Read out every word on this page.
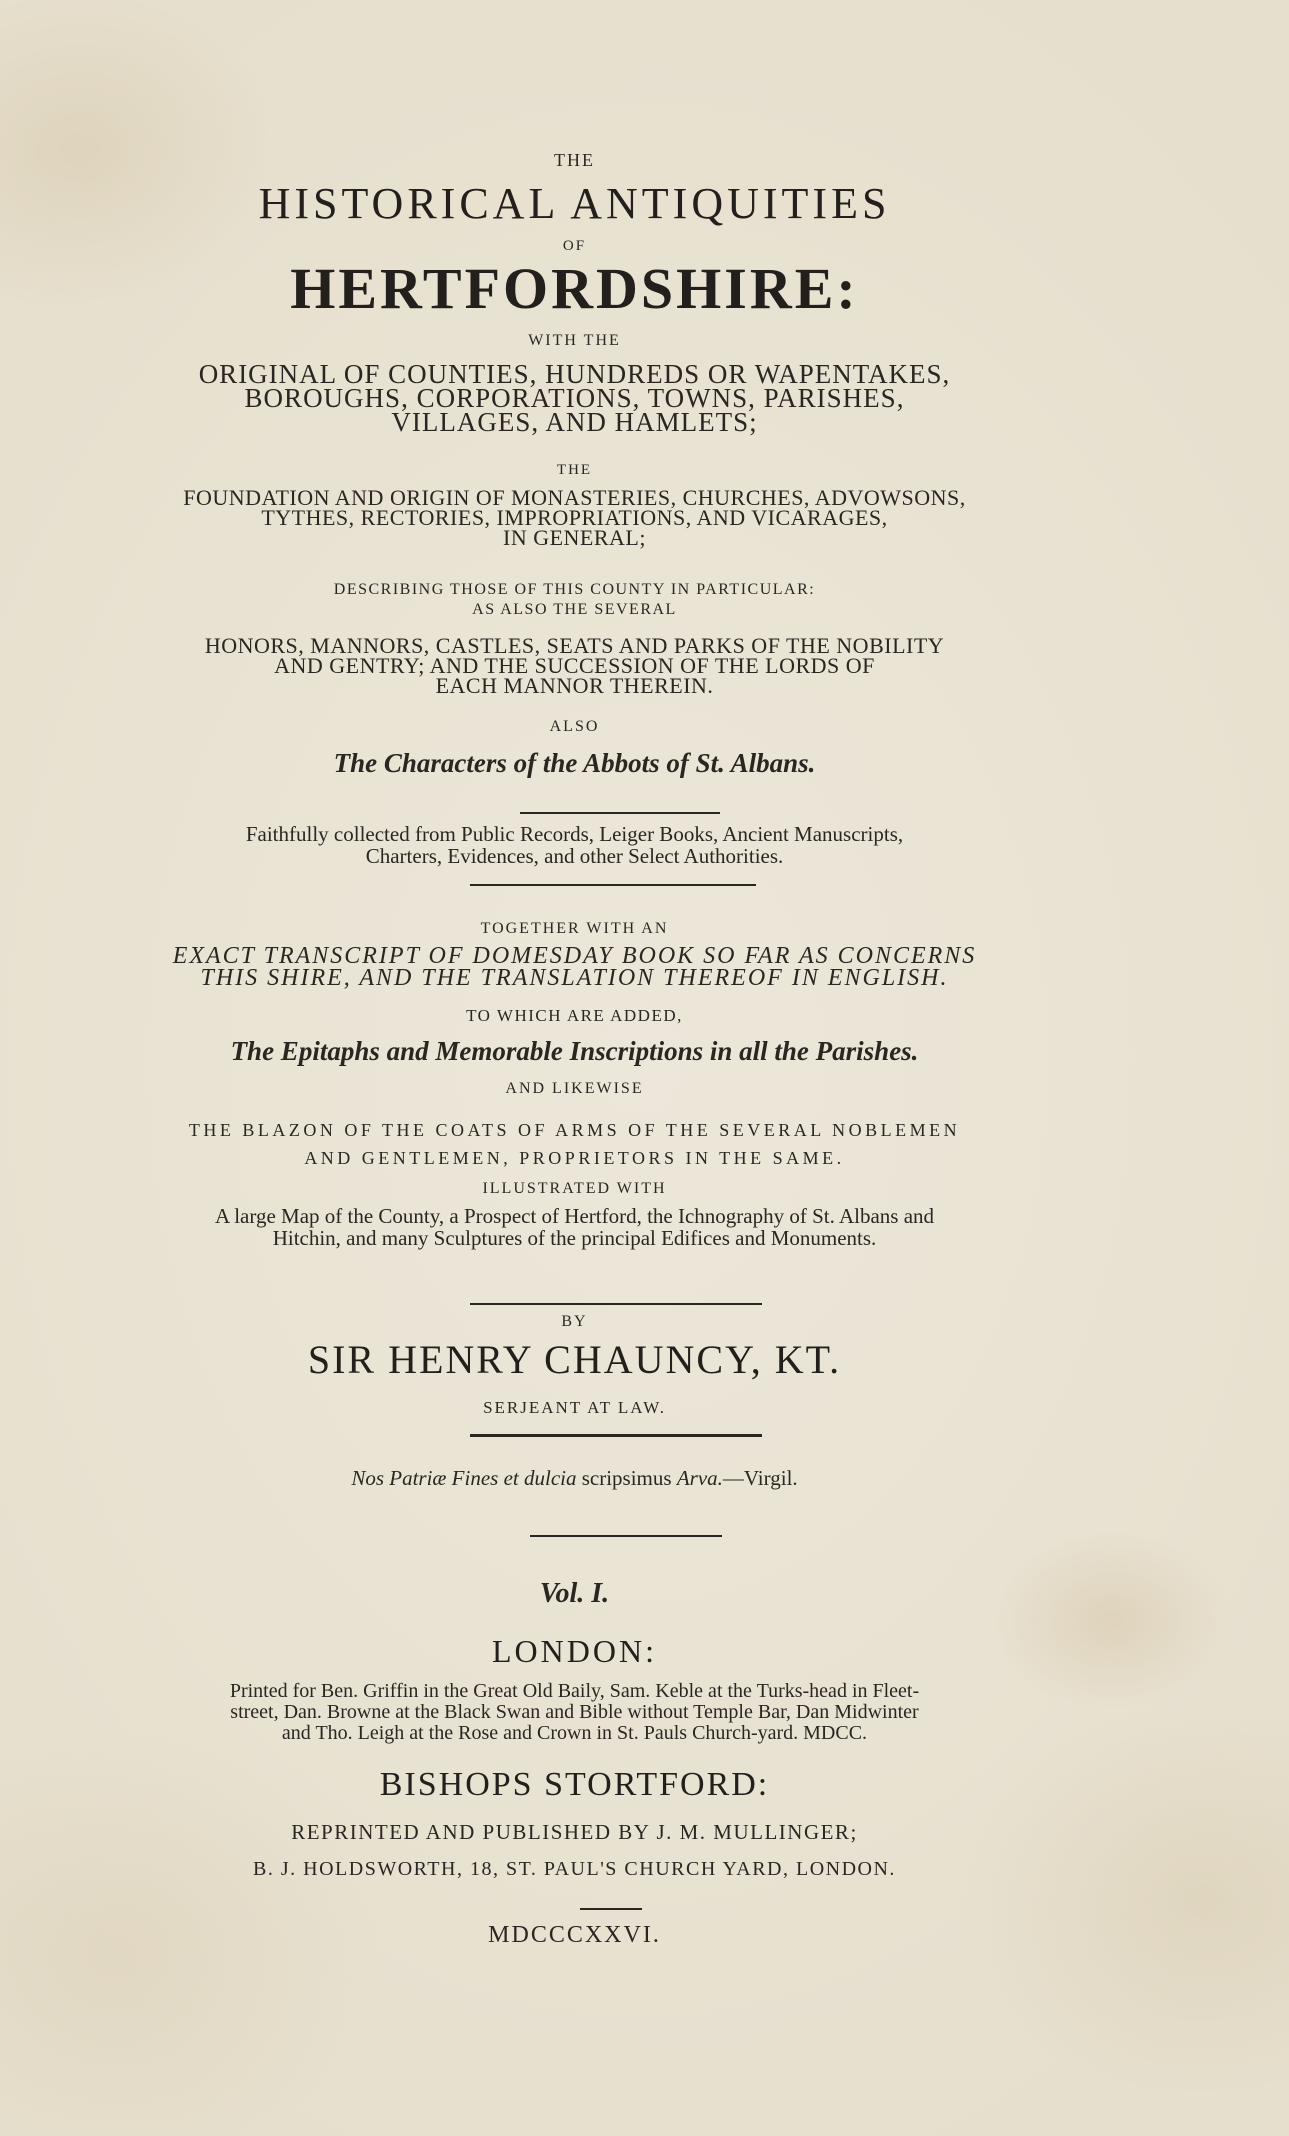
THE

HISTORICAL ANTIQUITIES

OF

HERTFORDSHIRE:

WITH THE

ORIGINAL OF COUNTIES, HUNDREDS OR WAPENTAKES,
BOROUGHS, CORPORATIONS, TOWNS, PARISHES,
VILLAGES, AND HAMLETS;

THE

FOUNDATION AND ORIGIN OF MONASTERIES, CHURCHES, ADVOWSONS,
TYTHES, RECTORIES, IMPROPRIATIONS, AND VICARAGES,
IN GENERAL;
DESCRIBING THOSE OF THIS COUNTY IN PARTICULAR:
AS ALSO THE SEVERAL
HONORS, MANNORS, CASTLES, SEATS AND PARKS OF THE NOBILITY
AND GENTRY; AND THE SUCCESSION OF THE LORDS OF
EACH MANNOR THEREIN.

ALSO

The Characters of the Abbots of St. Albans.

Faithfully collected from Public Records, Leiger Books, Ancient Manuscripts,
Charters, Evidences, and other Select Authorities.

TOGETHER WITH AN

EXACT TRANSCRIPT OF DOMESDAY BOOK SO FAR AS CONCERNS
THIS SHIRE, AND THE TRANSLATION THEREOF IN ENGLISH.

TO WHICH ARE ADDED,

The Epitaphs and Memorable Inscriptions in all the Parishes.

AND LIKEWISE

THE BLAZON OF THE COATS OF ARMS OF THE SEVERAL NOBLEMEN
AND GENTLEMEN, PROPRIETORS IN THE SAME.

ILLUSTRATED WITH

A large Map of the County, a Prospect of Hertford, the Ichnography of St. Albans and
Hitchin, and many Sculptures of the principal Edifices and Monuments.

BY

SIR HENRY CHAUNCY, KT.

SERJEANT AT LAW.

Nos Patriæ Fines et dulcia scripsimus Arva.—Virgil.

Vol. I.

LONDON:

Printed for Ben. Griffin in the Great Old Baily, Sam. Keble at the Turks-head in Fleet-
street, Dan. Browne at the Black Swan and Bible without Temple Bar, Dan Midwinter
and Tho. Leigh at the Rose and Crown in St. Pauls Church-yard. MDCC.

BISHOPS STORTFORD:

REPRINTED AND PUBLISHED BY J. M. MULLINGER;

B. J. HOLDSWORTH, 18, ST. PAUL'S CHURCH YARD, LONDON.

MDCCCXXVI.
